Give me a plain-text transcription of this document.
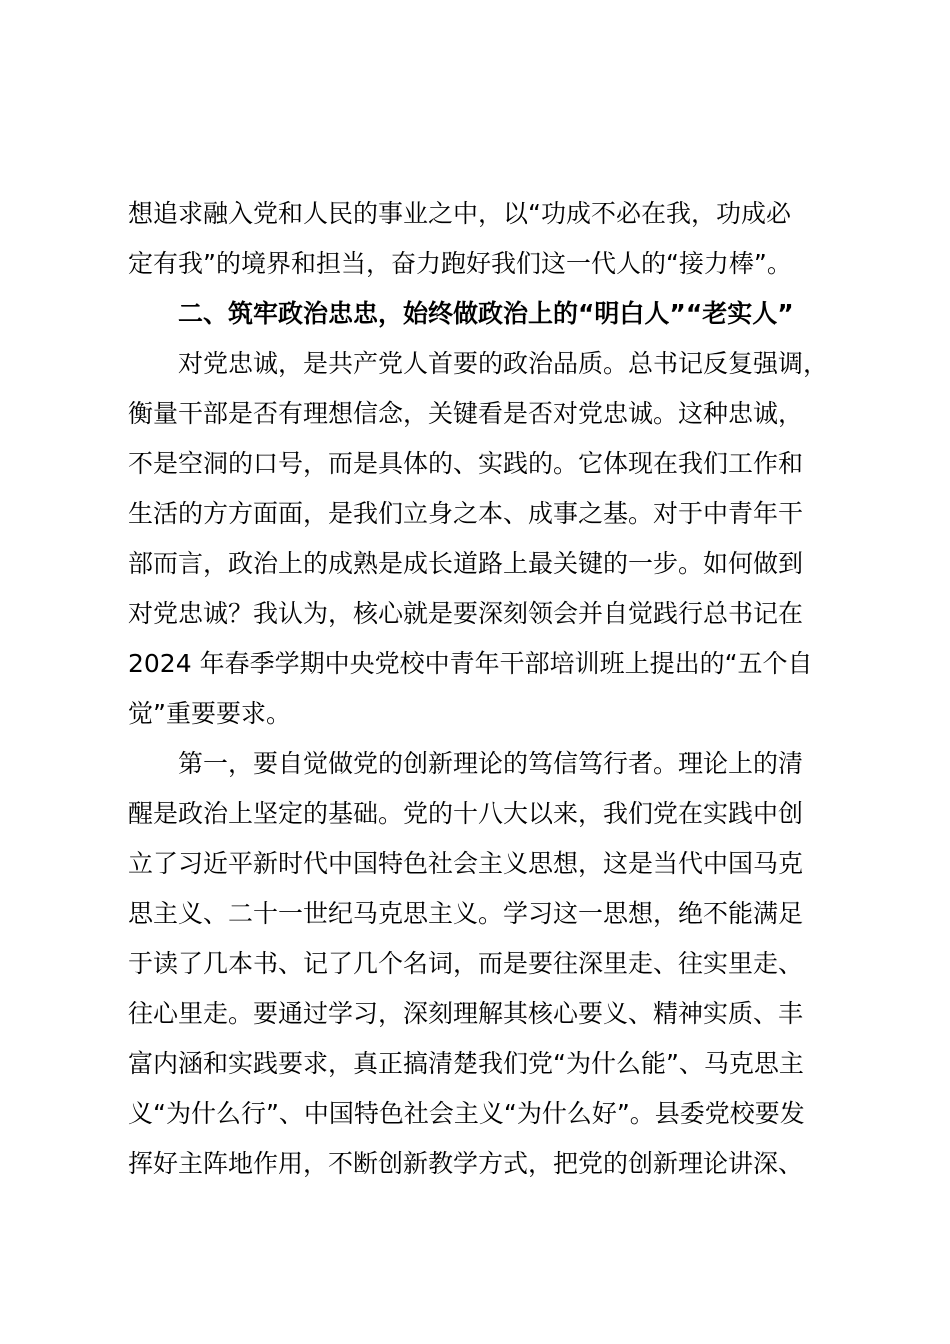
想追求融入党和人民的事业之中，以“功成不必在我，功成必
定有我”的境界和担当，奋力跑好我们这一代人的“接力棒”。
二、筑牢政治忠忠，始终做政治上的“明白人”“老实人”
对党忠诚，是共产党人首要的政治品质。总书记反复强调，
衡量干部是否有理想信念，关键看是否对党忠诚。这种忠诚，
不是空洞的口号，而是具体的、实践的。它体现在我们工作和
生活的方方面面，是我们立身之本、成事之基。对于中青年干
部而言，政治上的成熟是成长道路上最关键的一步。如何做到
对党忠诚？我认为，核心就是要深刻领会并自觉践行总书记在
2024 年春季学期中央党校中青年干部培训班上提出的“五个自
觉”重要要求。
第一，要自觉做党的创新理论的笃信笃行者。理论上的清
醒是政治上坚定的基础。党的十八大以来，我们党在实践中创
立了习近平新时代中国特色社会主义思想，这是当代中国马克
思主义、二十一世纪马克思主义。学习这一思想，绝不能满足
于读了几本书、记了几个名词，而是要往深里走、往实里走、
往心里走。要通过学习，深刻理解其核心要义、精神实质、丰
富内涵和实践要求，真正搞清楚我们党“为什么能”、马克思主
义“为什么行”、中国特色社会主义“为什么好”。县委党校要发
挥好主阵地作用，不断创新教学方式，把党的创新理论讲深、
